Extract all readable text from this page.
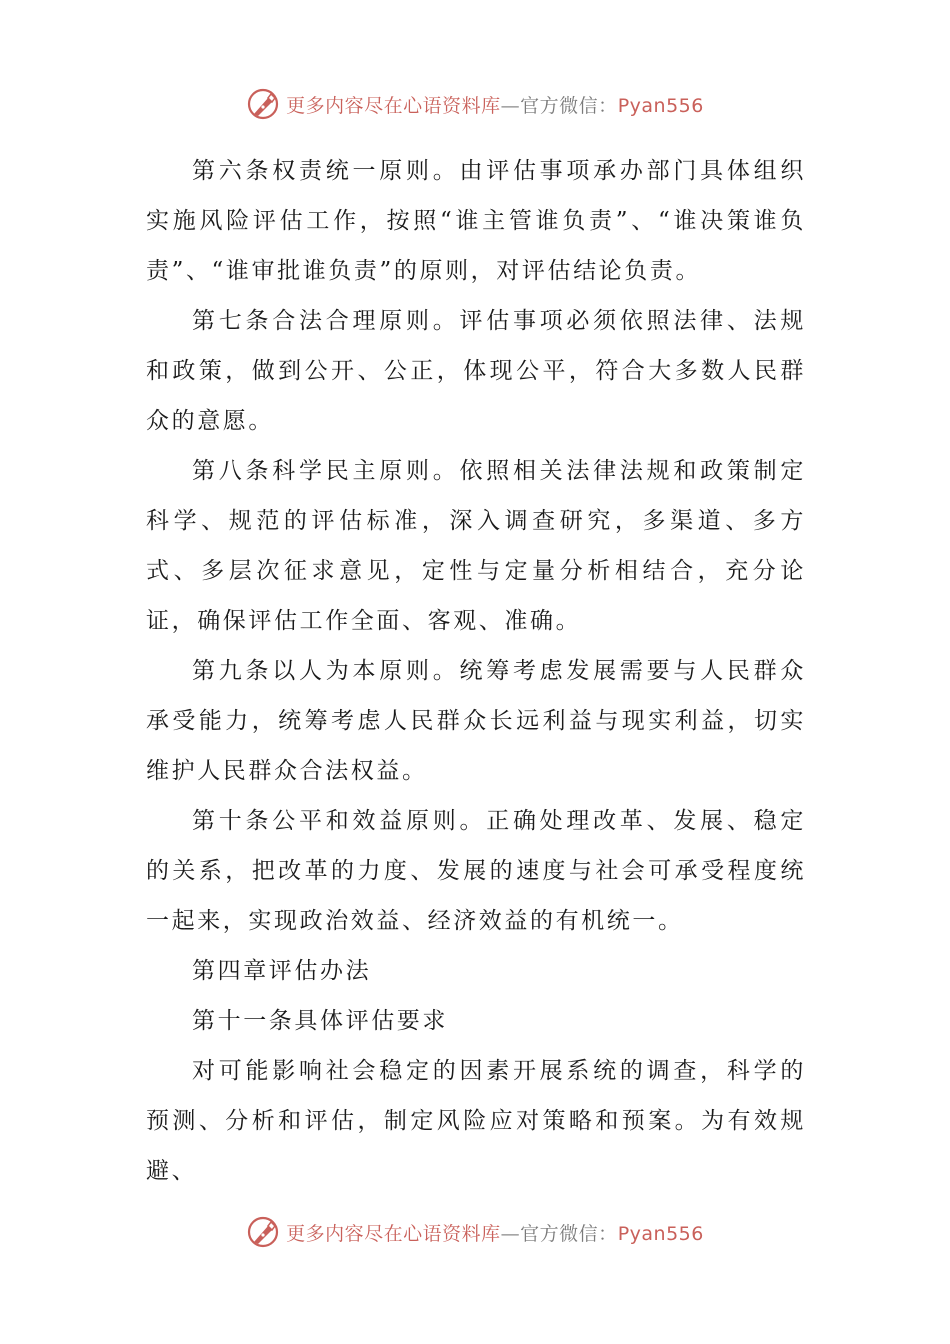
更多内容尽在心语资料库—官方微信：Pyan556

第六条权责统一原则。由评估事项承办部门具体组织实施风险评估工作，按照“谁主管谁负责”、“谁决策谁负责”、“谁审批谁负责”的原则，对评估结论负责。

第七条合法合理原则。评估事项必须依照法律、法规和政策，做到公开、公正，体现公平，符合大多数人民群众的意愿。

第八条科学民主原则。依照相关法律法规和政策制定科学、规范的评估标准，深入调查研究，多渠道、多方式、多层次征求意见，定性与定量分析相结合，充分论证，确保评估工作全面、客观、准确。

第九条以人为本原则。统筹考虑发展需要与人民群众承受能力，统筹考虑人民群众长远利益与现实利益，切实维护人民群众合法权益。

第十条公平和效益原则。正确处理改革、发展、稳定的关系，把改革的力度、发展的速度与社会可承受程度统一起来，实现政治效益、经济效益的有机统一。

第四章评估办法

第十一条具体评估要求

对可能影响社会稳定的因素开展系统的调查，科学的预测、分析和评估，制定风险应对策略和预案。为有效规避、

更多内容尽在心语资料库—官方微信：Pyan556
